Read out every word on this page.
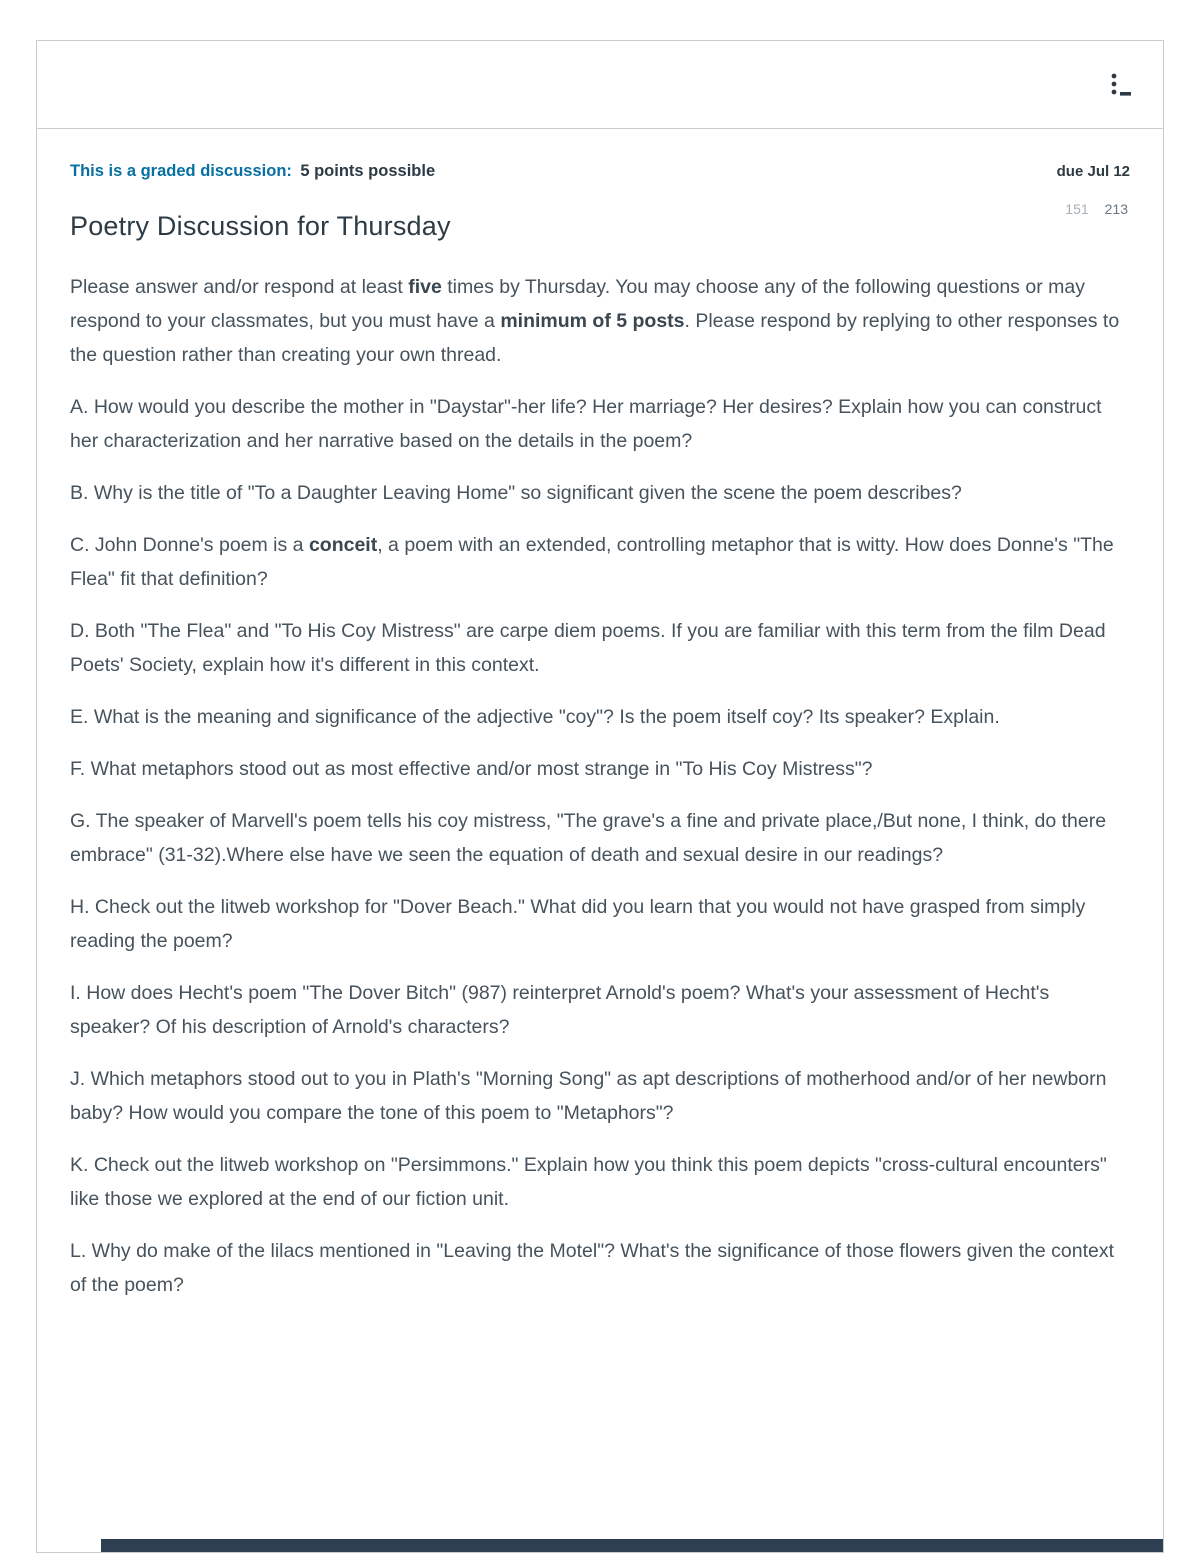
This is a graded discussion: 5 points possible	due Jul 12
Poetry Discussion for Thursday
151 213

Please answer and/or respond at least five times by Thursday. You may choose any of the following questions or may respond to your classmates, but you must have a minimum of 5 posts. Please respond by replying to other responses to the question rather than creating your own thread.

A. How would you describe the mother in "Daystar"-her life? Her marriage? Her desires? Explain how you can construct her characterization and her narrative based on the details in the poem?

B. Why is the title of "To a Daughter Leaving Home" so significant given the scene the poem describes?

C. John Donne's poem is a conceit, a poem with an extended, controlling metaphor that is witty. How does Donne's "The Flea" fit that definition?

D. Both "The Flea" and "To His Coy Mistress" are carpe diem poems. If you are familiar with this term from the film Dead Poets' Society, explain how it's different in this context.

E. What is the meaning and significance of the adjective "coy"? Is the poem itself coy? Its speaker? Explain.

F. What metaphors stood out as most effective and/or most strange in "To His Coy Mistress"?

G. The speaker of Marvell's poem tells his coy mistress, "The grave's a fine and private place,/But none, I think, do there embrace" (31-32).Where else have we seen the equation of death and sexual desire in our readings?

H. Check out the litweb workshop for "Dover Beach." What did you learn that you would not have grasped from simply reading the poem?

I. How does Hecht's poem "The Dover Bitch" (987) reinterpret Arnold's poem? What's your assessment of Hecht's speaker? Of his description of Arnold's characters?

J. Which metaphors stood out to you in Plath's "Morning Song" as apt descriptions of motherhood and/or of her newborn baby? How would you compare the tone of this poem to "Metaphors"?

K. Check out the litweb workshop on "Persimmons." Explain how you think this poem depicts "cross-cultural encounters" like those we explored at the end of our fiction unit.

L. Why do make of the lilacs mentioned in "Leaving the Motel"? What's the significance of those flowers given the context of the poem?
